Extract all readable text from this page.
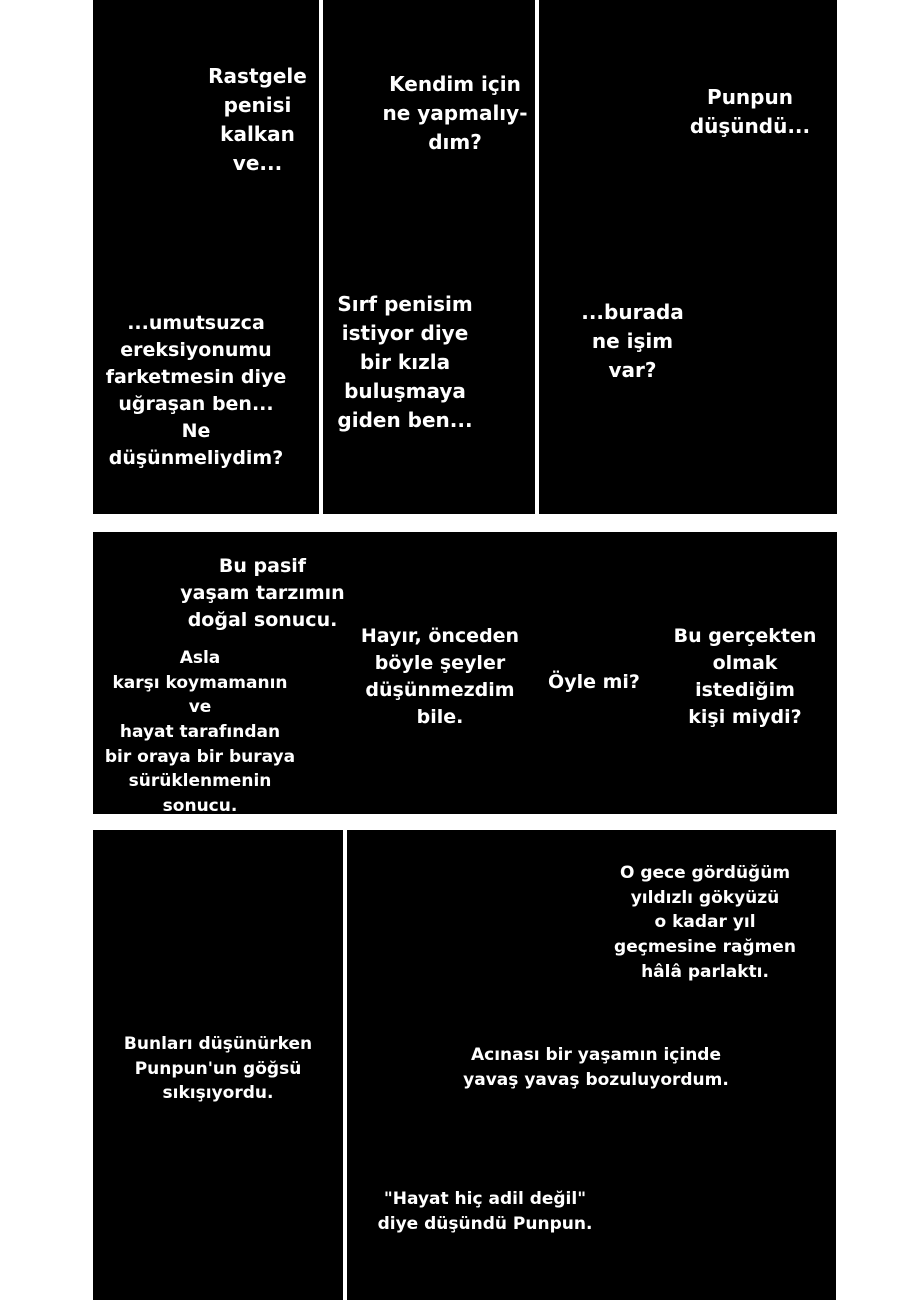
Rastgele
penisi
kalkan
ve...
...umutsuzca
ereksiyonumu
farketmesin diye
uğraşan ben...
Ne düşünmeliydim?
Kendim için
ne yapmalıy-
dım?
Sırf penisim
istiyor diye
bir kızla
buluşmaya
giden ben...
Punpun
düşündü...
...burada
ne işim var?
Bu pasif
yaşam tarzımın
doğal sonucu.
Asla
karşı koymamanın ve
hayat tarafından
bir oraya bir buraya
sürüklenmenin
sonucu.
Hayır, önceden
böyle şeyler
düşünmezdim
bile.
Öyle mi?
Bu gerçekten
olmak istediğim
kişi miydi?
Bunları düşünürken
Punpun'un göğsü
sıkışıyordu.
O gece gördüğüm
yıldızlı gökyüzü
o kadar yıl
geçmesine rağmen
hâlâ parlaktı.
Acınası bir yaşamın içinde
yavaş yavaş bozuluyordum.
"Hayat hiç adil değil"
diye düşündü Punpun.
